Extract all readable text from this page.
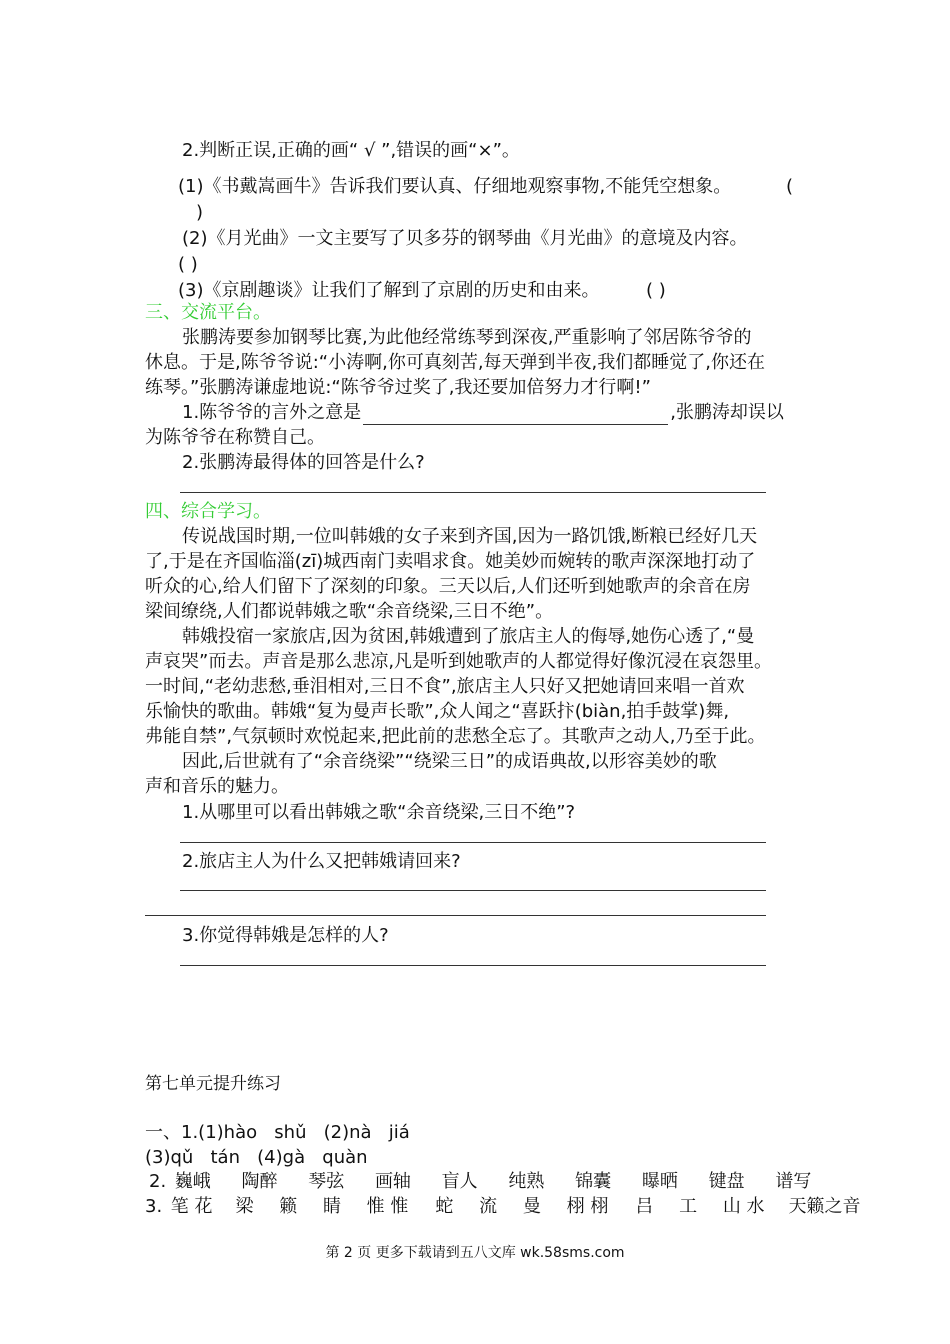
2.判断正误,正确的画“ √ ”,错误的画“×”。
(1)《书戴嵩画牛》告诉我们要认真、仔细地观察事物,不能凭空想象。	(
)
(2)《月光曲》一文主要写了贝多芬的钢琴曲《月光曲》的意境及内容。
( )
(3)《京剧趣谈》让我们了解到了京剧的历史和由来。	( )
三、交流平台。
张鹏涛要参加钢琴比赛,为此他经常练琴到深夜,严重影响了邻居陈爷爷的
休息。于是,陈爷爷说:“小涛啊,你可真刻苦,每天弹到半夜,我们都睡觉了,你还在
练琴。”张鹏涛谦虚地说:“陈爷爷过奖了,我还要加倍努力才行啊!”
1.陈爷爷的言外之意是	,张鹏涛却误以
为陈爷爷在称赞自己。
2.张鹏涛最得体的回答是什么?
四、综合学习。
传说战国时期,一位叫韩娥的女子来到齐国,因为一路饥饿,断粮已经好几天
了,于是在齐国临淄(zī)城西南门卖唱求食。她美妙而婉转的歌声深深地打动了
听众的心,给人们留下了深刻的印象。三天以后,人们还听到她歌声的余音在房
梁间缭绕,人们都说韩娥之歌“余音绕梁,三日不绝”。
韩娥投宿一家旅店,因为贫困,韩娥遭到了旅店主人的侮辱,她伤心透了,“曼
声哀哭”而去。声音是那么悲凉,凡是听到她歌声的人都觉得好像沉浸在哀怨里。
一时间,“老幼悲愁,垂泪相对,三日不食”,旅店主人只好又把她请回来唱一首欢
乐愉快的歌曲。韩娥“复为曼声长歌”,众人闻之“喜跃抃(biàn,拍手鼓掌)舞,
弗能自禁”,气氛顿时欢悦起来,把此前的悲愁全忘了。其歌声之动人,乃至于此。
因此,后世就有了“余音绕梁”“绕梁三日”的成语典故,以形容美妙的歌
声和音乐的魅力。
1.从哪里可以看出韩娥之歌“余音绕梁,三日不绝”?
2.旅店主人为什么又把韩娥请回来?
3.你觉得韩娥是怎样的人?
第七单元提升练习
一、1.(1)hào   shǔ   (2)nà   jiá
(3)qǔ   tán   (4)gà   quàn
2. 巍峨 陶醉 琴弦 画轴 盲人 纯熟 锦囊 曝晒 键盘 谱写
3. 笔 花 梁 籁 睛 惟 惟 蛇 流 曼 栩 栩 吕 工 山 水 天籁之音
第 2 页 更多下载请到五八文库 wk.58sms.com
